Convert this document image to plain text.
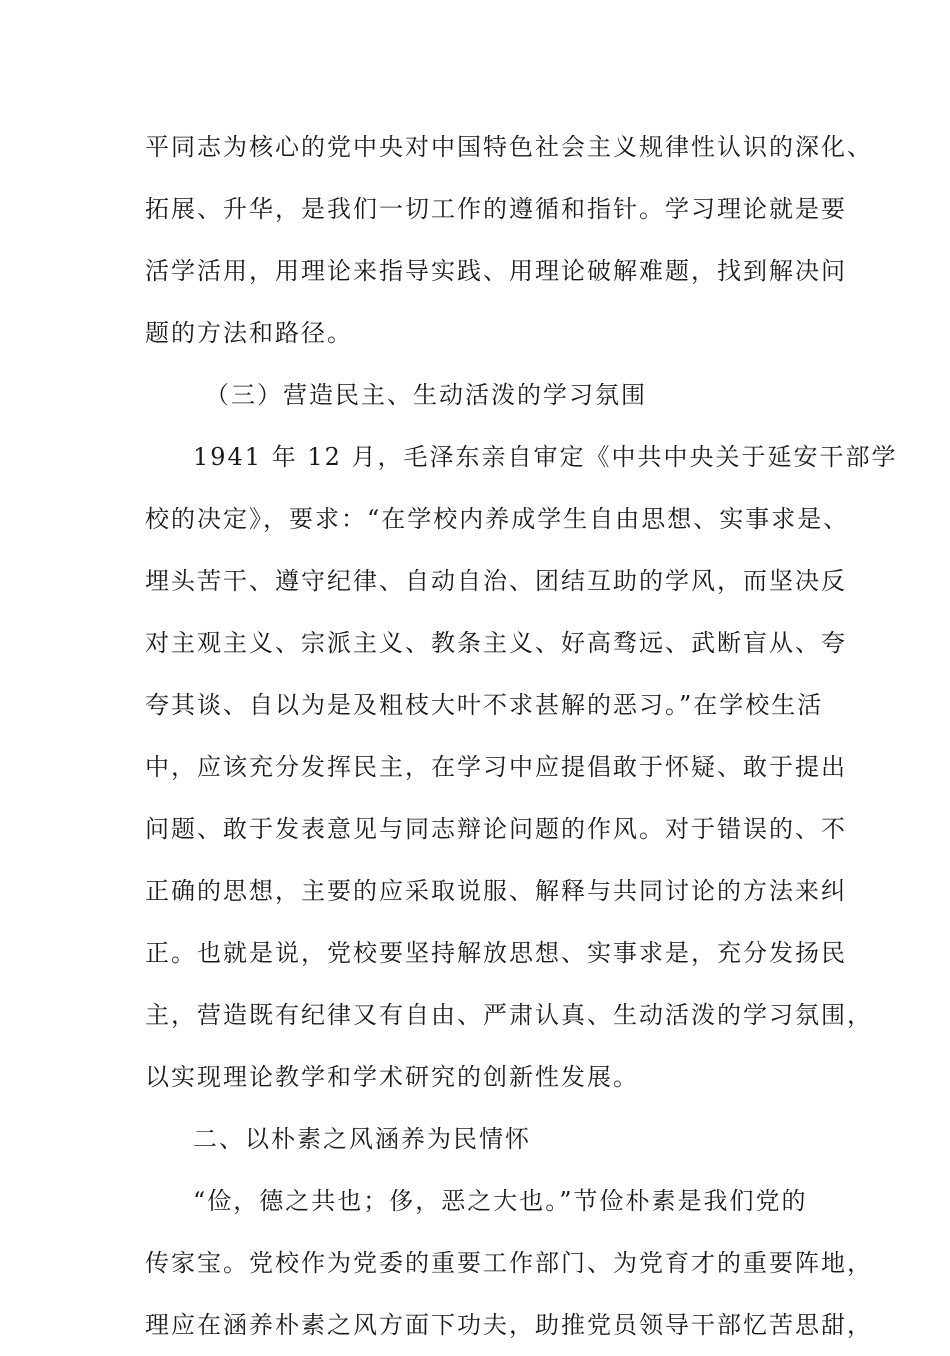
平同志为核心的党中央对中国特色社会主义规律性认识的深化、
拓展、升华，是我们一切工作的遵循和指针。学习理论就是要
活学活用，用理论来指导实践、用理论破解难题，找到解决问
题的方法和路径。
（三）营造民主、生动活泼的学习氛围
1941 年 12 月，毛泽东亲自审定《中共中央关于延安干部学
校的决定》，要求：“在学校内养成学生自由思想、实事求是、
埋头苦干、遵守纪律、自动自治、团结互助的学风，而坚决反
对主观主义、宗派主义、教条主义、好高骛远、武断盲从、夸
夸其谈、自以为是及粗枝大叶不求甚解的恶习。”在学校生活
中，应该充分发挥民主，在学习中应提倡敢于怀疑、敢于提出
问题、敢于发表意见与同志辩论问题的作风。对于错误的、不
正确的思想，主要的应采取说服、解释与共同讨论的方法来纠
正。也就是说，党校要坚持解放思想、实事求是，充分发扬民
主，营造既有纪律又有自由、严肃认真、生动活泼的学习氛围，
以实现理论教学和学术研究的创新性发展。
二、以朴素之风涵养为民情怀
“俭，德之共也；侈，恶之大也。”节俭朴素是我们党的
传家宝。党校作为党委的重要工作部门、为党育才的重要阵地，
理应在涵养朴素之风方面下功夫，助推党员领导干部忆苦思甜，
